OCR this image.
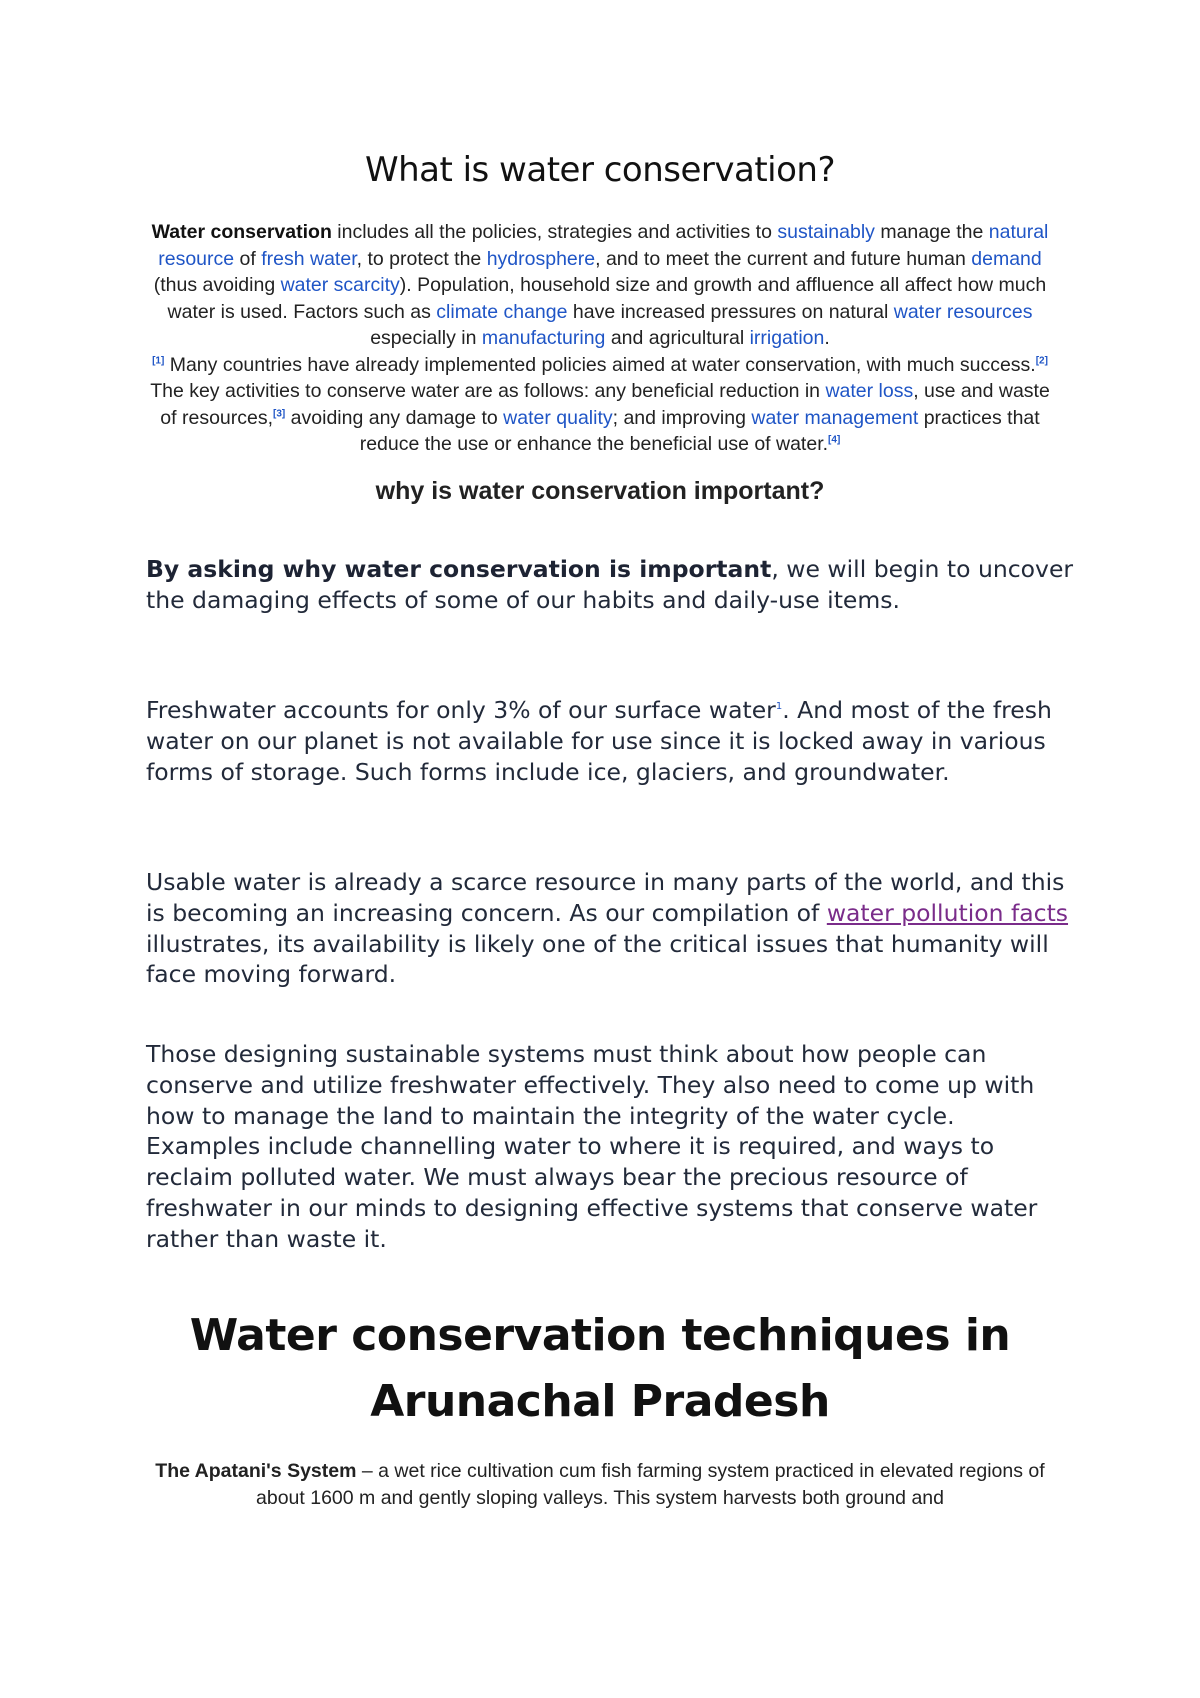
What is water conservation?

Water conservation includes all the policies, strategies and activities to sustainably manage the natural resource of fresh water, to protect the hydrosphere, and to meet the current and future human demand (thus avoiding water scarcity). Population, household size and growth and affluence all affect how much water is used. Factors such as climate change have increased pressures on natural water resources especially in manufacturing and agricultural irrigation.
[1] Many countries have already implemented policies aimed at water conservation, with much success.[2] The key activities to conserve water are as follows: any beneficial reduction in water loss, use and waste of resources,[3] avoiding any damage to water quality; and improving water management practices that reduce the use or enhance the beneficial use of water.[4]

why is water conservation important?

By asking why water conservation is important, we will begin to uncover the damaging effects of some of our habits and daily-use items.

Freshwater accounts for only 3% of our surface water$^1$. And most of the fresh water on our planet is not available for use since it is locked away in various forms of storage. Such forms include ice, glaciers, and groundwater.

Usable water is already a scarce resource in many parts of the world, and this is becoming an increasing concern. As our compilation of water pollution facts illustrates, its availability is likely one of the critical issues that humanity will face moving forward.

Those designing sustainable systems must think about how people can conserve and utilize freshwater effectively. They also need to come up with how to manage the land to maintain the integrity of the water cycle. Examples include channelling water to where it is required, and ways to reclaim polluted water. We must always bear the precious resource of freshwater in our minds to designing effective systems that conserve water rather than waste it.

Water conservation techniques in
Arunachal Pradesh

The Apatani's System – a wet rice cultivation cum fish farming system practiced in elevated regions of about 1600 m and gently sloping valleys. This system harvests both ground and
